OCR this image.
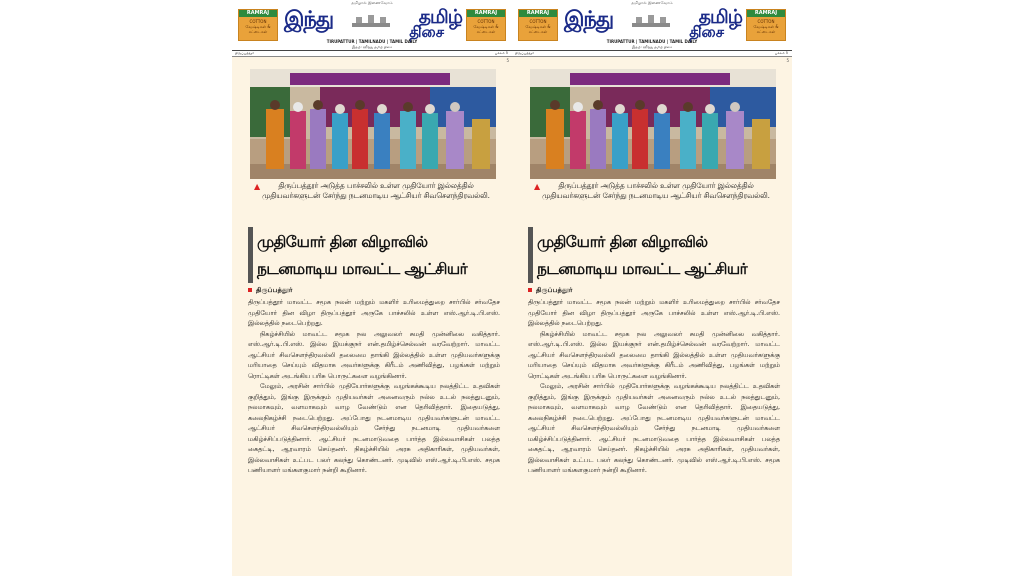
RAMRAJ
COTTON
வேஷ்டிகள் & சட்டைகள்
தமிழால் இணைவோம்
இந்து	தமிழ்
திசை
RAMRAJ
COTTON
வேஷ்டிகள் & சட்டைகள்
TIRUPATTUR | TAMILNADU | TAMIL DAILY
இதழ்: ஹிந்து தமிழ் திசை
திருப்பத்தூர்	பக்கம் 5
5
▲ திருப்பத்தூர் அடுத்த பாச்சலில் உள்ள முதியோர் இல்லத்தில் முதியவர்களுடன் சேர்ந்து நடனமாடிய ஆட்சியர் சிவசௌந்திரவல்லி.
முதியோர் தின விழாவில்
நடனமாடிய மாவட்ட ஆட்சியர்
திருப்பத்தூர்

திருப்பத்தூர் மாவட்ட சமூக நலன் மற்றும் மகளிர் உரிமைத்துறை சார்பில் சர்வதேச முதியோர் தின விழா திருப்பத்தூர் அருகே பாச்சலில் உள்ள எஸ்.ஆர்.டி.பி.எஸ். இல்லத்தில் நடைபெற்றது.

நிகழ்ச்சியில் மாவட்ட சமூக நல அலுவலர் சுமதி முன்னிலை வகித்தார். எஸ்.ஆர்.டி.பி.எஸ். இல்ல இயக்குநர் என்.தமிழ்ச்செல்வன் வரவேற்றார். மாவட்ட ஆட்சியர் சிவசௌந்திரவல்லி தலைமை தாங்கி இல்லத்தில் உள்ள முதியவர்களுக்கு மரியாதை செய்யும் விதமாக அவர்களுக்கு கிரீடம் அணிவித்து, பழங்கள் மற்றும் ரொட்டிகள் அடங்கிய பரிசு பொருட்களை வழங்கினார்.

மேலும், அரசின் சார்பில் முதியோர்களுக்கு வழங்கக்கூடிய நலத்திட்ட உதவிகள் குறித்தும், இங்கு இருக்கும் முதியவர்கள் அனைவரும் நல்ல உடல் நலத்துடனும், நலமாகவும், வளமாகவும் வாழ வேண்டும் என தெரிவித்தார். இதையடுத்து, கலைநிகழ்ச்சி நடைபெற்றது. அப்போது நடனமாடிய முதியவர்களுடன் மாவட்ட ஆட்சியர் சிவசௌந்திரவல்லியும் சேர்ந்து நடனமாடி முதியவர்களை மகிழ்ச்சிப்படுத்தினார். ஆட்சியர் நடனமாடுவதை பார்த்த இல்லவாசிகள் பலத்த கைதட்டி, ஆரவாரம் செய்தனர். நிகழ்ச்சியில் அரசு அதிகாரிகள், முதியவர்கள், இல்லவாசிகள் உட்பட பலர் கலந்து கொண்டனர். முடிவில் எஸ்.ஆர்.டி.பி.எஸ். சமூக பணியாளர் மங்களகுமார் நன்றி கூறினார்.

RAMRAJ
COTTON
வேஷ்டிகள் & சட்டைகள்
தமிழால் இணைவோம்
இந்து	தமிழ்
திசை
RAMRAJ
COTTON
வேஷ்டிகள் & சட்டைகள்
TIRUPATTUR | TAMILNADU | TAMIL DAILY
இதழ்: ஹிந்து தமிழ் திசை
திருப்பத்தூர்	பக்கம் 5
5
▲ திருப்பத்தூர் அடுத்த பாச்சலில் உள்ள முதியோர் இல்லத்தில் முதியவர்களுடன் சேர்ந்து நடனமாடிய ஆட்சியர் சிவசௌந்திரவல்லி.
முதியோர் தின விழாவில்
நடனமாடிய மாவட்ட ஆட்சியர்
திருப்பத்தூர்

திருப்பத்தூர் மாவட்ட சமூக நலன் மற்றும் மகளிர் உரிமைத்துறை சார்பில் சர்வதேச முதியோர் தின விழா திருப்பத்தூர் அருகே பாச்சலில் உள்ள எஸ்.ஆர்.டி.பி.எஸ். இல்லத்தில் நடைபெற்றது.

நிகழ்ச்சியில் மாவட்ட சமூக நல அலுவலர் சுமதி முன்னிலை வகித்தார். எஸ்.ஆர்.டி.பி.எஸ். இல்ல இயக்குநர் என்.தமிழ்ச்செல்வன் வரவேற்றார். மாவட்ட ஆட்சியர் சிவசௌந்திரவல்லி தலைமை தாங்கி இல்லத்தில் உள்ள முதியவர்களுக்கு மரியாதை செய்யும் விதமாக அவர்களுக்கு கிரீடம் அணிவித்து, பழங்கள் மற்றும் ரொட்டிகள் அடங்கிய பரிசு பொருட்களை வழங்கினார்.

மேலும், அரசின் சார்பில் முதியோர்களுக்கு வழங்கக்கூடிய நலத்திட்ட உதவிகள் குறித்தும், இங்கு இருக்கும் முதியவர்கள் அனைவரும் நல்ல உடல் நலத்துடனும், நலமாகவும், வளமாகவும் வாழ வேண்டும் என தெரிவித்தார். இதையடுத்து, கலைநிகழ்ச்சி நடைபெற்றது. அப்போது நடனமாடிய முதியவர்களுடன் மாவட்ட ஆட்சியர் சிவசௌந்திரவல்லியும் சேர்ந்து நடனமாடி முதியவர்களை மகிழ்ச்சிப்படுத்தினார். ஆட்சியர் நடனமாடுவதை பார்த்த இல்லவாசிகள் பலத்த கைதட்டி, ஆரவாரம் செய்தனர். நிகழ்ச்சியில் அரசு அதிகாரிகள், முதியவர்கள், இல்லவாசிகள் உட்பட பலர் கலந்து கொண்டனர். முடிவில் எஸ்.ஆர்.டி.பி.எஸ். சமூக பணியாளர் மங்களகுமார் நன்றி கூறினார்.
